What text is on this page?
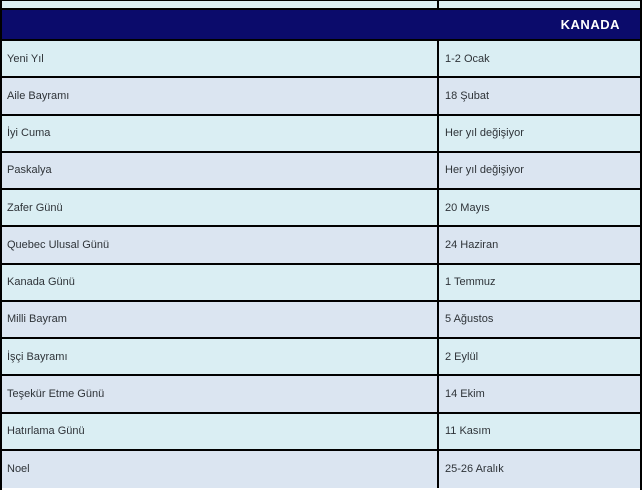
KANADA
Yeni Yıl	1-2 Ocak
Aile Bayramı	18 Şubat
İyi Cuma	Her yıl değişiyor
Paskalya	Her yıl değişiyor
Zafer Günü	20 Mayıs
Quebec Ulusal Günü	24 Haziran
Kanada Günü	1 Temmuz
Milli Bayram	5 Ağustos
İşçi Bayramı	2 Eylül
Teşekür Etme Günü	14 Ekim
Hatırlama Günü	11 Kasım
Noel	25-26 Aralık
